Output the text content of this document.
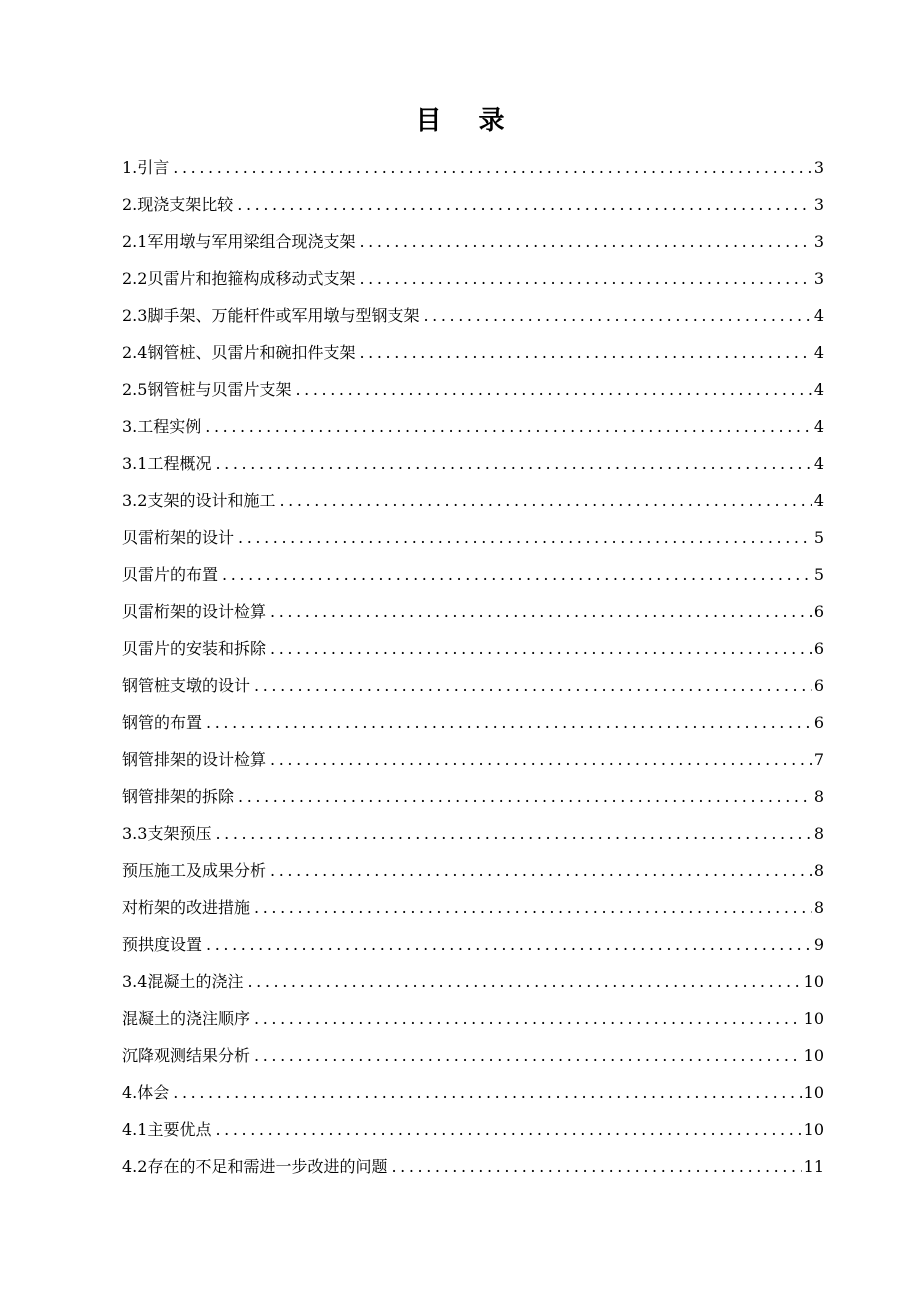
目 录
1.引言 .....	3
2.现浇支架比较 .....	3
2.1军用墩与军用梁组合现浇支架 .....	3
2.2贝雷片和抱箍构成移动式支架 .....	3
2.3脚手架、万能杆件或军用墩与型钢支架 .....	4
2.4钢管桩、贝雷片和碗扣件支架 .....	4
2.5钢管桩与贝雷片支架 .....	4
3.工程实例 .....	4
3.1工程概况 .....	4
3.2支架的设计和施工 .....	4
贝雷桁架的设计 .....	5
贝雷片的布置 .....	5
贝雷桁架的设计检算 .....	6
贝雷片的安装和拆除 .....	6
钢管桩支墩的设计 .....	6
钢管的布置 .....	6
钢管排架的设计检算 .....	7
钢管排架的拆除 .....	8
3.3支架预压 .....	8
预压施工及成果分析 .....	8
对桁架的改进措施 .....	8
预拱度设置 .....	9
3.4混凝土的浇注 .....	10
混凝土的浇注顺序 .....	10
沉降观测结果分析 .....	10
4.体会 .....	10
4.1主要优点 .....	10
4.2存在的不足和需进一步改进的问题 .....	11
